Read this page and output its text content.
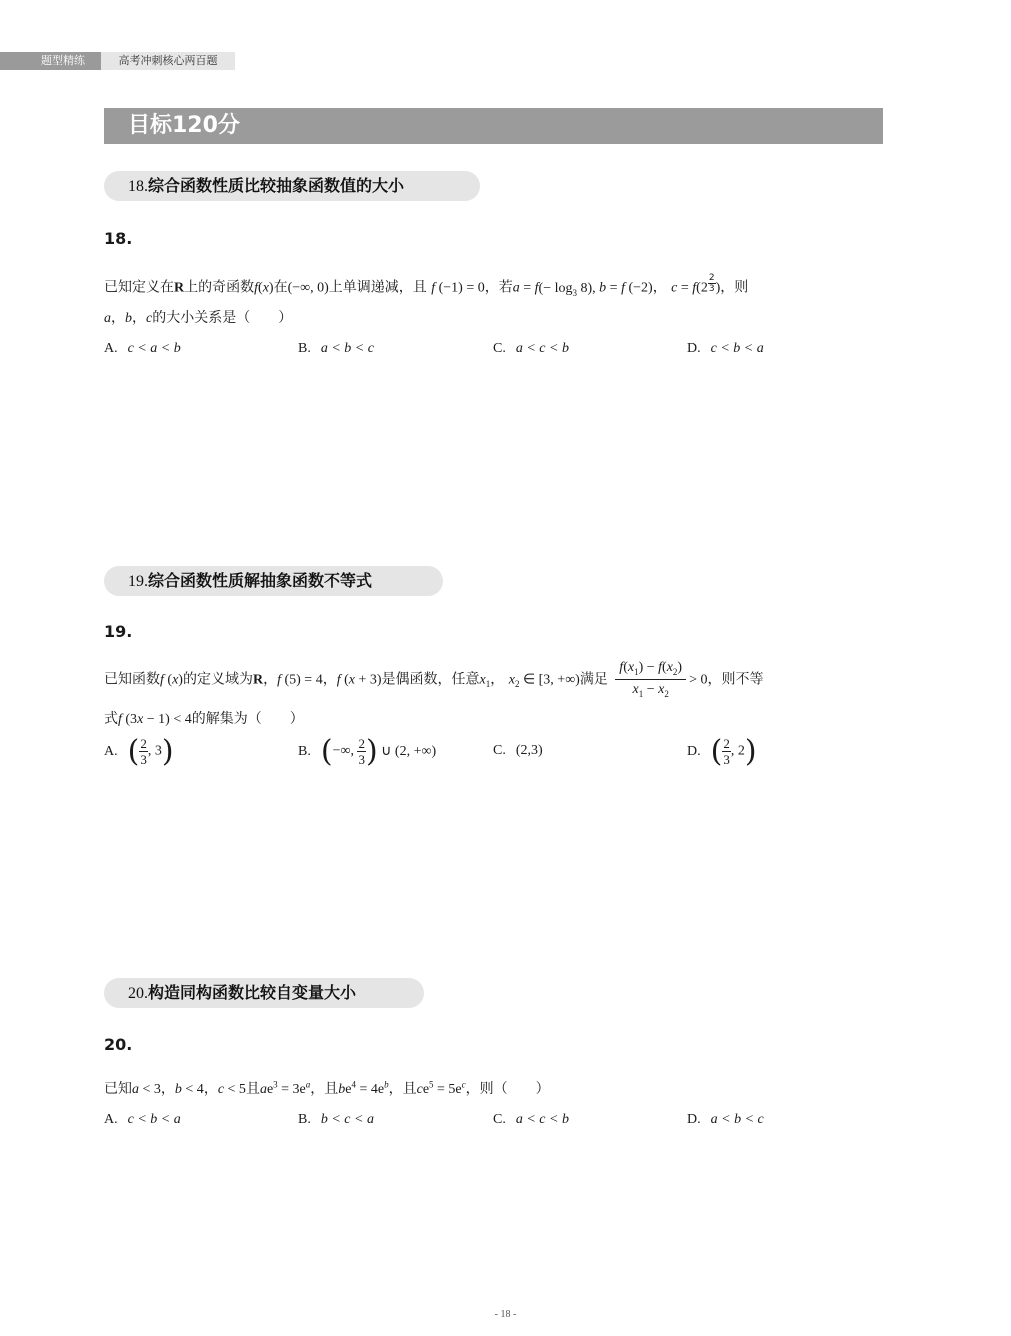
题型精练	高考冲刺核心两百题
目标120分
18.综合函数性质比较抽象函数值的大小
18.
已知定义在R上的奇函数f(x)在(−∞, 0)上单调递减，且 f (−1) = 0，若$a = f(- \log_3 8)$, b = f (−2)， c = f(2 $^{\frac{2}{3}}$ )，则
a，b，c的大小关系是（　　）
A. c < a < b	B. a < b < c	C. a < c < b	D. c < b < a
19.综合函数性质解抽象函数不等式
19.
已知函数f (x)的定义域为R，f (5) = 4，f (x + 3)是偶函数，任意$x_1$， $x_2$ ∈ [3, +∞)满足 $\frac{f(x_1) - f(x_2)}{x_1 - x_2} > 0$，则不等
式f (3x − 1) < 4的解集为（　　）
A. ( $\frac{2}{3}$ , 3)	B. (−∞, $\frac{2}{3}$ ) ∪ (2, +∞)	C. (2,3)	D. ( $\frac{2}{3}$ , 2)
20.构造同构函数比较自变量大小
20.
已知a < 3，b < 4，c < 5且$ae^3 = 3e^a$，且$be^4 = 4e^b$，且$ce^5 = 5e^c$，则（　　）
A. c < b < a	B. b < c < a	C. a < c < b	D. a < b < c
- 18 -
